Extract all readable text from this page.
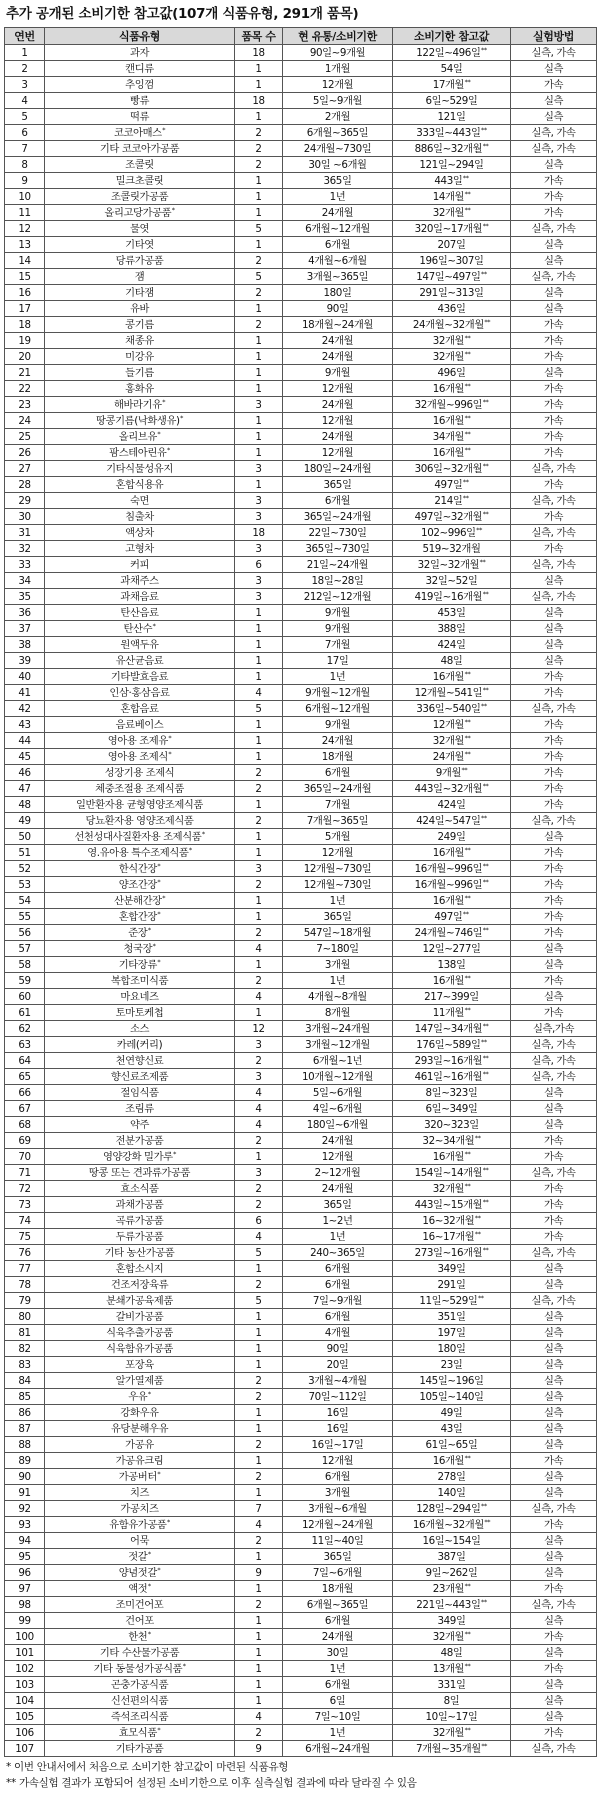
추가 공개된 소비기한 참고값(107개 식품유형, 291개 품목)
연번	식품유형	품목 수	현 유통/소비기한	소비기한 참고값	실험방법
1	과자	18	90일~9개월	122일~496일**	실측, 가속
2	캔디류	1	1개월	54일	실측
3	추잉껌	1	12개월	17개월**	가속
4	빵류	18	5일~9개월	6일~529일	실측
5	떡류	1	2개월	121일	실측
6	코코아매스*	2	6개월~365일	333일~443일**	실측, 가속
7	기타 코코아가공품	2	24개월~730일	886일~32개월**	실측, 가속
8	조콜릿	2	30일 ~6개월	121일~294일	실측
9	밀크초콜릿	1	365일	443일**	가속
10	조콜릿가공품	1	1년	14개월**	가속
11	올리고당가공품*	1	24개월	32개월**	가속
12	물엿	5	6개월~12개월	320일~17개월**	실측, 가속
13	기타엿	1	6개월	207일	실측
14	당류가공품	2	4개월~6개월	196일~307일	실측
15	잼	5	3개월~365일	147일~497일**	실측, 가속
16	기타잼	2	180일	291일~313일	실측
17	유바	1	90일	436일	실측
18	콩기름	2	18개월~24개월	24개월~32개월**	가속
19	채종유	1	24개월	32개월**	가속
20	미강유	1	24개월	32개월**	가속
21	들기름	1	9개월	496일	실측
22	홍화유	1	12개월	16개월**	가속
23	해바라기유*	3	24개월	32개월~996일**	가속
24	땅콩기름(낙화생유)*	1	12개월	16개월**	가속
25	올리브유*	1	24개월	34개월**	가속
26	팜스테아린유*	1	12개월	16개월**	가속
27	기타식물성유지	3	180일~24개월	306일~32개월**	실측, 가속
28	혼합식용유	1	365일	497일**	가속
29	숙면	3	6개월	214일**	실측, 가속
30	침출차	3	365일~24개월	497일~32개월**	가속
31	액상차	18	22일~730일	102~996일**	실측, 가속
32	고형차	3	365일~730일	519~32개월	가속
33	커피	6	21일~24개월	32일~32개월**	실측, 가속
34	과채주스	3	18일~28일	32일~52일	실측
35	과채음료	3	212일~12개월	419일~16개월**	실측, 가속
36	탄산음료	1	9개월	453일	실측
37	탄산수*	1	9개월	388일	실측
38	원액두유	1	7개월	424일	실측
39	유산균음료	1	17일	48일	실측
40	기타발효음료	1	1년	16개월**	가속
41	인삼·홍삼음료	4	9개월~12개월	12개월~541일**	가속
42	혼합음료	5	6개월~12개월	336일~540일**	실측, 가속
43	음료베이스	1	9개월	12개월**	가속
44	영아용 조제유*	1	24개월	32개월**	가속
45	영아용 조제식*	1	18개월	24개월**	가속
46	성장기용 조제식	2	6개월	9개월**	가속
47	체중조절용 조제식품	2	365일~24개월	443일~32개월**	가속
48	일반환자용 균형영양조제식품	1	7개월	424일	가속
49	당뇨환자용 영양조제식품	2	7개월~365일	424일~547일**	실측, 가속
50	선천성대사질환자용 조제식품*	1	5개월	249일	실측
51	영.유아용 특수조제식품*	1	12개월	16개월**	가속
52	한식간장*	3	12개월~730일	16개월~996일**	가속
53	양조간장*	2	12개월~730일	16개월~996일**	가속
54	산분해간장*	1	1년	16개월**	가속
55	혼합간장*	1	365일	497일**	가속
56	준장*	2	547일~18개월	24개월~746일**	가속
57	청국장*	4	7~180일	12일~277일	실측
58	기타장류*	1	3개월	138일	실측
59	복합조미식품	2	1년	16개월**	가속
60	마요네즈	4	4개월~8개월	217~399일	실측
61	토마토케첩	1	8개월	11개월**	가속
62	소스	12	3개월~24개월	147일~34개월**	실측,가속
63	카레(커리)	3	3개월~12개월	176일~589일**	실측, 가속
64	천연향신료	2	6개월~1년	293일~16개월**	실측, 가속
65	향신료조제품	3	10개월~12개월	461일~16개월**	실측, 가속
66	절임식품	4	5일~6개월	8일~323일	실측
67	조림류	4	4일~6개월	6일~349일	실측
68	약주	4	180일~6개월	320~323일	실측
69	전분가공품	2	24개월	32~34개월**	가속
70	영양강화 밀가루*	1	12개월	16개월**	가속
71	땅콩 또는 견과류가공품	3	2~12개월	154일~14개월**	실측, 가속
72	효소식품	2	24개월	32개월**	가속
73	과채가공품	2	365일	443일~15개월**	가속
74	곡류가공품	6	1~2년	16~32개월**	가속
75	두류가공품	4	1년	16~17개월**	가속
76	기타 농산가공품	5	240~365일	273일~16개월**	실측, 가속
77	혼합소시지	1	6개월	349일	실측
78	건조저장육류	2	6개월	291일	실측
79	분쇄가공육제품	5	7일~9개월	11일~529일**	실측, 가속
80	갈비가공품	1	6개월	351일	실측
81	식육추출가공품	1	4개월	197일	실측
82	식육함유가공품	1	90일	180일	실측
83	포장육	1	20일	23일	실측
84	알가열제품	2	3개월~4개월	145일~196일	실측
85	우유*	2	70일~112일	105일~140일	실측
86	강화우유	1	16일	49일	실측
87	유당분해우유	1	16일	43일	실측
88	가공유	2	16일~17일	61일~65일	실측
89	가공유크림	1	12개월	16개월**	가속
90	가공버터*	2	6개월	278일	실측
91	치즈	1	3개월	140일	실측
92	가공치즈	7	3개월~6개월	128일~294일**	실측, 가속
93	유함유가공품*	4	12개월~24개월	16개월~32개월**	가속
94	어묵	2	11일~40일	16일~154일	실측
95	젓갈*	1	365일	387일	실측
96	양념젓갈*	9	7일~6개월	9일~262일	실측
97	액젓*	1	18개월	23개월**	가속
98	조미건어포	2	6개월~365일	221일~443일**	실측, 가속
99	건어포	1	6개월	349일	실측
100	한천*	1	24개월	32개월**	가속
101	기타 수산물가공품	1	30일	48일	실측
102	기타 동물성가공식품*	1	1년	13개월**	가속
103	곤충가공식품	1	6개월	331일	실측
104	신선편의식품	1	6일	8일	실측
105	즉석조리식품	4	7일~10일	10일~17일	실측
106	효모식품*	2	1년	32개월**	가속
107	기타가공품	9	6개월~24개월	7개월~35개월**	실측, 가속
* 이번 안내서에서 처음으로 소비기한 참고값이 마련된 식품유형
** 가속실험 결과가 포함되어 설정된 소비기한으로 이후 실측실험 결과에 따라 달라질 수 있음
